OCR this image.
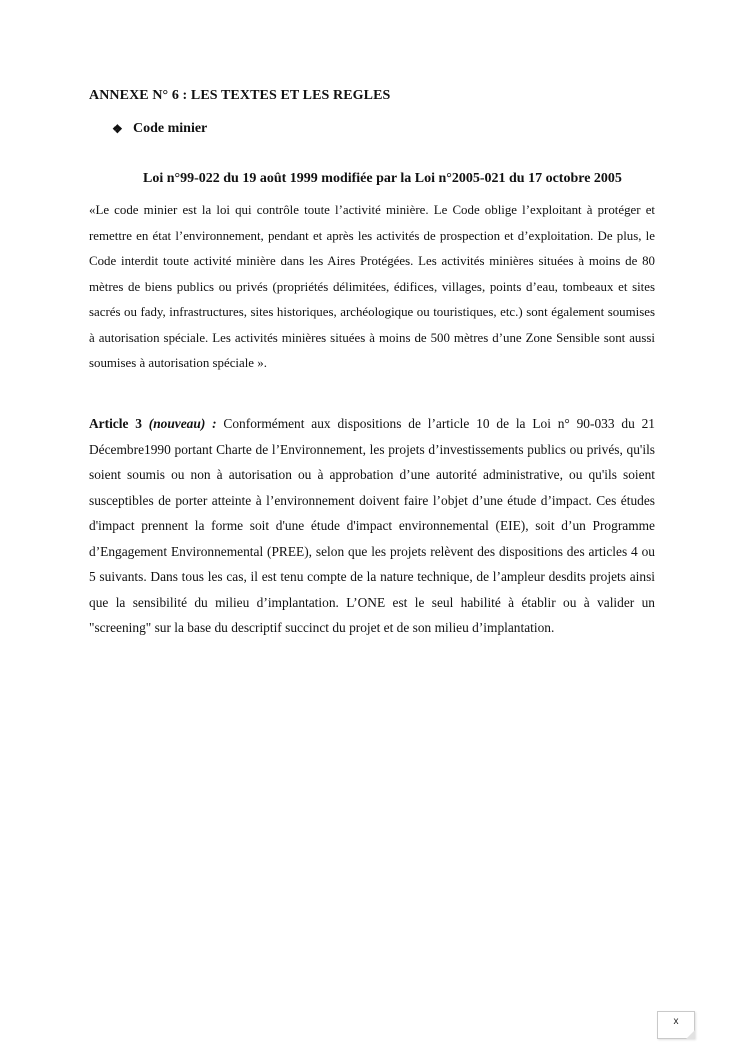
ANNEXE N° 6 : LES TEXTES ET LES REGLES
❖ Code minier
Loi n°99-022 du 19 août 1999 modifiée par la Loi n°2005-021 du 17 octobre 2005
«Le code minier est la loi qui contrôle toute l’activité minière. Le Code oblige l’exploitant à protéger et remettre en état l’environnement, pendant et après les activités de prospection et d’exploitation. De plus, le Code interdit toute activité minière dans les Aires Protégées. Les activités minières situées à moins de 80 mètres de biens publics ou privés (propriétés délimitées, édifices, villages, points d’eau, tombeaux et sites sacrés ou fady, infrastructures, sites historiques, archéologique ou touristiques, etc.) sont également soumises à autorisation spéciale. Les activités minières situées à moins de 500 mètres d’une Zone Sensible sont aussi soumises à autorisation spéciale ».
Article 3 (nouveau) : Conformément aux dispositions de l’article 10 de la Loi n° 90-033 du 21 Décembre1990 portant Charte de l’Environnement, les projets d’investissements publics ou privés, qu'ils soient soumis ou non à autorisation ou à approbation d’une autorité administrative, ou qu'ils soient susceptibles de porter atteinte à l’environnement doivent faire l’objet d’une étude d’impact. Ces études d'impact prennent la forme soit d'une étude d'impact environnemental (EIE), soit d’un Programme d’Engagement Environnemental (PREE), selon que les projets relèvent des dispositions des articles 4 ou 5 suivants. Dans tous les cas, il est tenu compte de la nature technique, de l’ampleur desdits projets ainsi que la sensibilité du milieu d’implantation. L’ONE est le seul habilité à établir ou à valider un "screening" sur la base du descriptif succinct du projet et de son milieu d’implantation.
x
